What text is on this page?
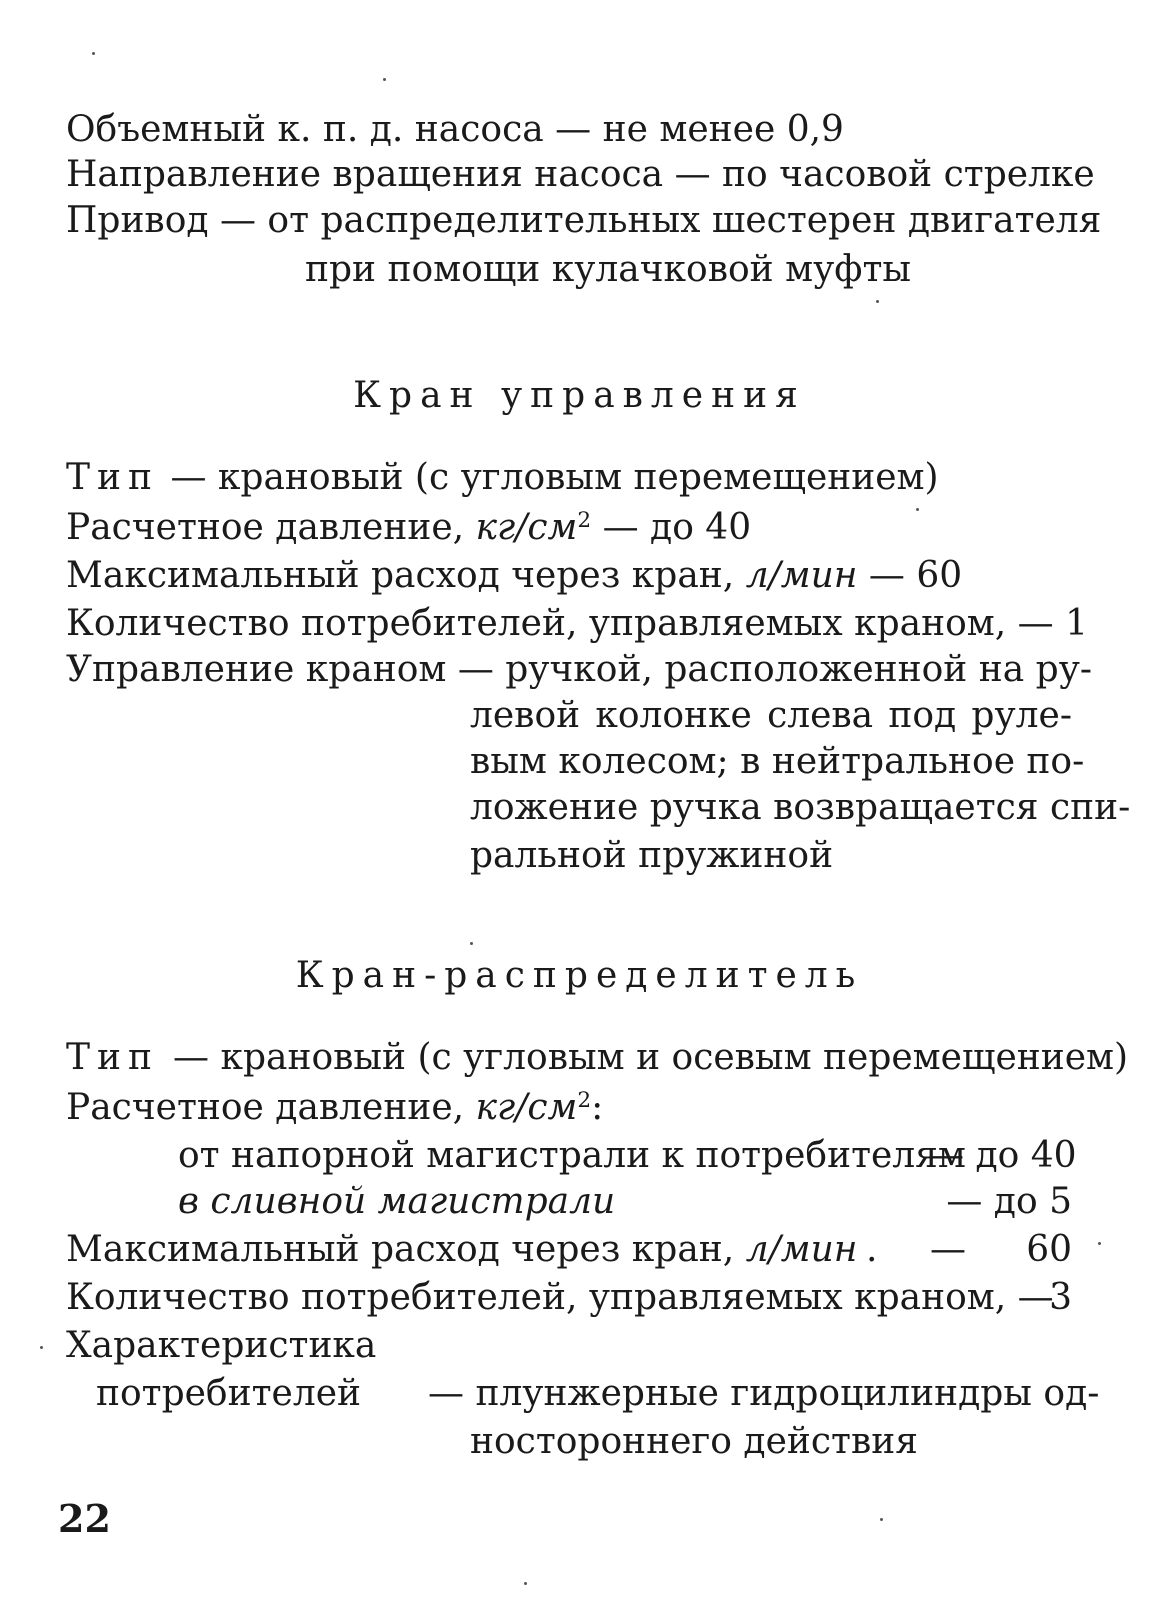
Объемный к. п. д. насоса — не менее 0,9
Направление вращения насоса — по часовой стрелке
Привод — от распределительных шестерен двигателя
при помощи кулачковой муфты
Кран управления
Тип — крановый (с угловым перемещением)
Расчетное давление, $кг/см^2$ — до 40
Максимальный расход через кран, л/мин — 60
Количество потребителей, управляемых краном, — 1
Управление краном — ручкой, расположенной на ру-
левой колонке слева под руле-
вым колесом; в нейтральное по-
ложение ручка возвращается спи-
ральной пружиной
Кран-распределитель
Тип — крановый (с угловым и осевым перемещением)
Расчетное давление, $кг/см^2$:
от напорной магистрали к потребителям
— до 40
в сливной магистрали	— до 5
Максимальный расход через кран, л/мин . —	60
Количество потребителей, управляемых краном, —
3
Характеристика
потребителей — плунжерные гидроцилиндры од-
ностороннего действия
22
